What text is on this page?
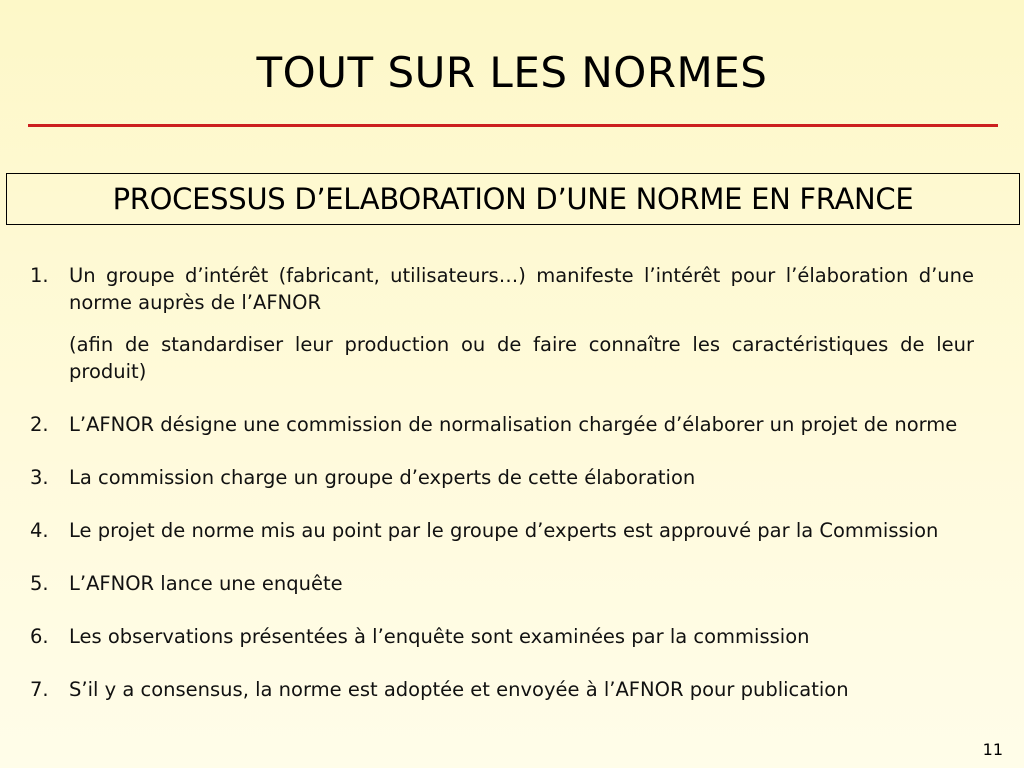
TOUT SUR LES NORMES
PROCESSUS D’ELABORATION D’UNE NORME EN FRANCE
1. Un groupe d’intérêt (fabricant, utilisateurs…) manifeste l’intérêt pour l’élaboration d’une norme auprès de l’AFNOR
(afin de standardiser leur production ou de faire connaître les caractéristiques de leur produit)
2. L’AFNOR désigne une commission de normalisation chargée d’élaborer un projet de norme
3. La commission charge un groupe d’experts de cette élaboration
4. Le projet de norme mis au point par le groupe d’experts est approuvé par la Commission
5. L’AFNOR lance une enquête
6. Les observations présentées à l’enquête sont examinées par la commission
7. S’il y a consensus, la norme est adoptée et envoyée à l’AFNOR pour publication
11
